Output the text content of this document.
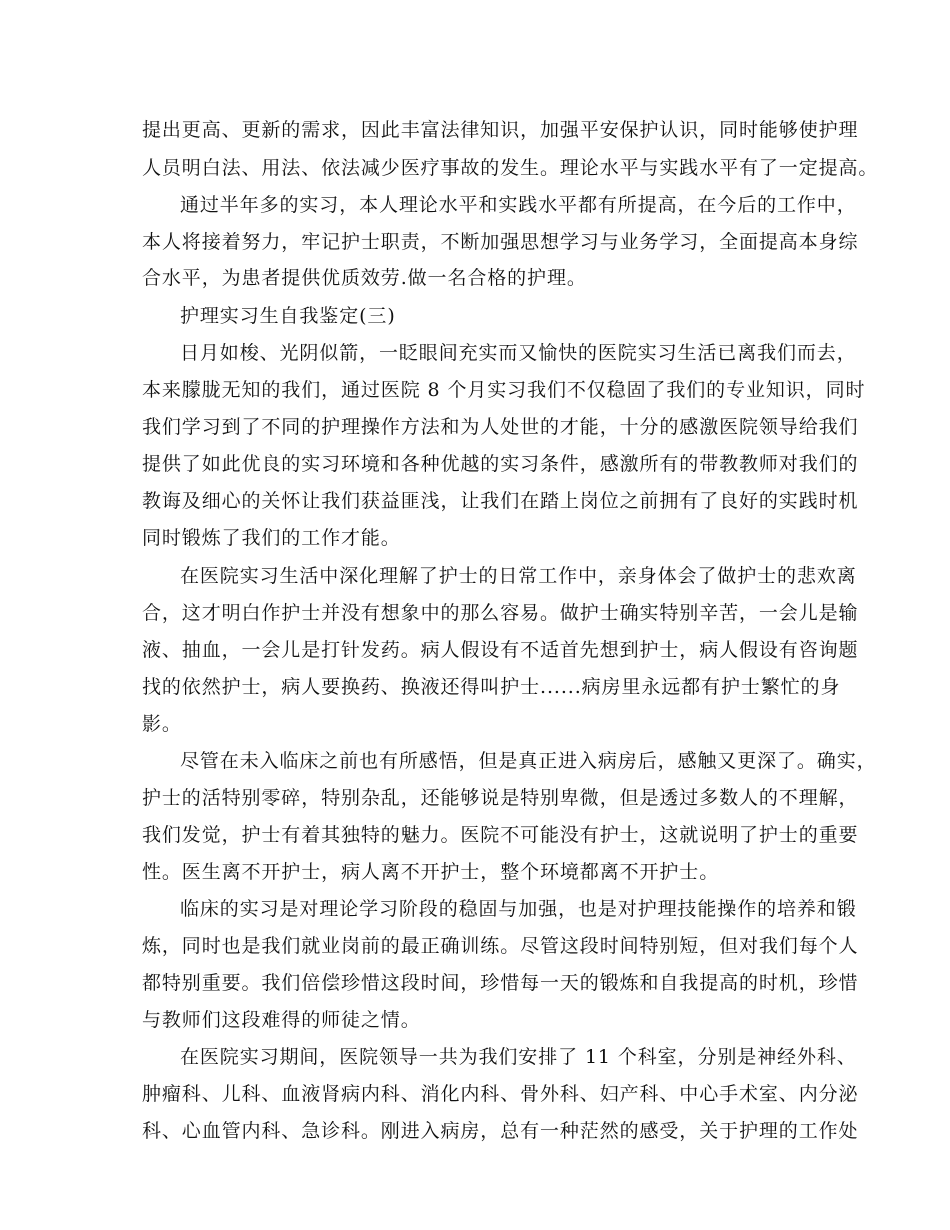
提出更高、更新的需求，因此丰富法律知识，加强平安保护认识，同时能够使护理
人员明白法、用法、依法减少医疗事故的发生。理论水平与实践水平有了一定提高。
通过半年多的实习，本人理论水平和实践水平都有所提高，在今后的工作中，
本人将接着努力，牢记护士职责，不断加强思想学习与业务学习，全面提高本身综
合水平，为患者提供优质效劳.做一名合格的护理。
护理实习生自我鉴定(三)
日月如梭、光阴似箭，一眨眼间充实而又愉快的医院实习生活已离我们而去，
本来朦胧无知的我们，通过医院 8 个月实习我们不仅稳固了我们的专业知识，同时
我们学习到了不同的护理操作方法和为人处世的才能，十分的感激医院领导给我们
提供了如此优良的实习环境和各种优越的实习条件，感激所有的带教教师对我们的
教诲及细心的关怀让我们获益匪浅，让我们在踏上岗位之前拥有了良好的实践时机
同时锻炼了我们的工作才能。
在医院实习生活中深化理解了护士的日常工作中，亲身体会了做护士的悲欢离
合，这才明白作护士并没有想象中的那么容易。做护士确实特别辛苦，一会儿是输
液、抽血，一会儿是打针发药。病人假设有不适首先想到护士，病人假设有咨询题
找的依然护士，病人要换药、换液还得叫护士......病房里永远都有护士繁忙的身
影。
尽管在未入临床之前也有所感悟，但是真正进入病房后，感触又更深了。确实，
护士的活特别零碎，特别杂乱，还能够说是特别卑微，但是透过多数人的不理解，
我们发觉，护士有着其独特的魅力。医院不可能没有护士，这就说明了护士的重要
性。医生离不开护士，病人离不开护士，整个环境都离不开护士。
临床的实习是对理论学习阶段的稳固与加强，也是对护理技能操作的培养和锻
炼，同时也是我们就业岗前的最正确训练。尽管这段时间特别短，但对我们每个人
都特别重要。我们倍偿珍惜这段时间，珍惜每一天的锻炼和自我提高的时机，珍惜
与教师们这段难得的师徒之情。
在医院实习期间，医院领导一共为我们安排了 11 个科室，分别是神经外科、
肿瘤科、儿科、血液肾病内科、消化内科、骨外科、妇产科、中心手术室、内分泌
科、心血管内科、急诊科。刚进入病房，总有一种茫然的感受，关于护理的工作处
